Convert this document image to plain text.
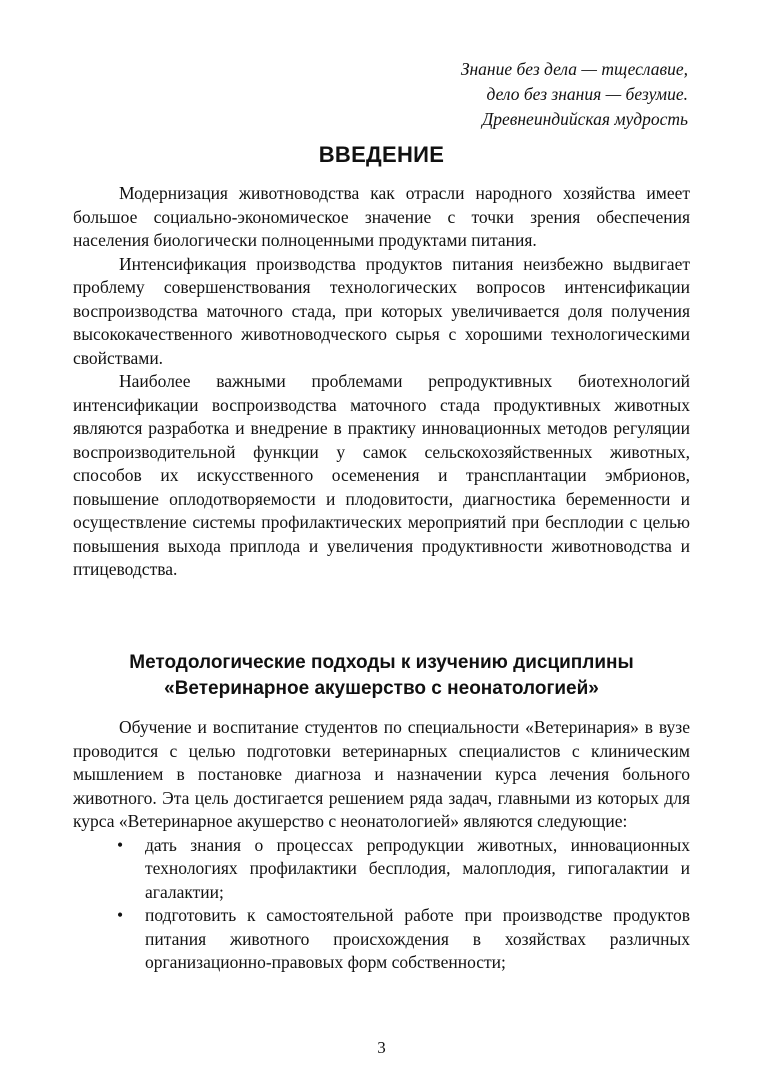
Знание без дела — тщеславие,
дело без знания — безумие.
Древнеиндийская мудрость
ВВЕДЕНИЕ

Модернизация животноводства как отрасли народного хозяйства имеет большое социально-экономическое значение с точки зрения обеспечения населения биологически полноценными продуктами питания.

Интенсификация производства продуктов питания неизбежно выдвигает проблему совершенствования технологических вопросов интенсификации воспроизводства маточного стада, при которых увеличивается доля получения высококачественного животноводческого сырья с хорошими технологическими свойствами.

Наиболее важными проблемами репродуктивных биотехнологий интенсификации воспроизводства маточного стада продуктивных животных являются разработка и внедрение в практику инновационных методов регуляции воспроизводительной функции у самок сельскохозяйственных животных, способов их искусственного осеменения и трансплантации эмбрионов, повышение оплодотворяемости и плодовитости, диагностика беременности и осуществление системы профилактических мероприятий при бесплодии с целью повышения выхода приплода и увеличения продуктивности животноводства и птицеводства.

Методологические подходы к изучению дисциплины
«Ветеринарное акушерство с неонатологией»

Обучение и воспитание студентов по специальности «Ветеринария» в вузе проводится с целью подготовки ветеринарных специалистов с клиническим мышлением в постановке диагноза и назначении курса лечения больного животного. Эта цель достигается решением ряда задач, главными из которых для курса «Ветеринарное акушерство с неонатологией» являются следующие:

• дать знания о процессах репродукции животных, инновационных технологиях профилактики бесплодия, малоплодия, гипогалактии и агалактии;
• подготовить к самостоятельной работе при производстве продуктов питания животного происхождения в хозяйствах различных организационно-правовых форм собственности;
3
